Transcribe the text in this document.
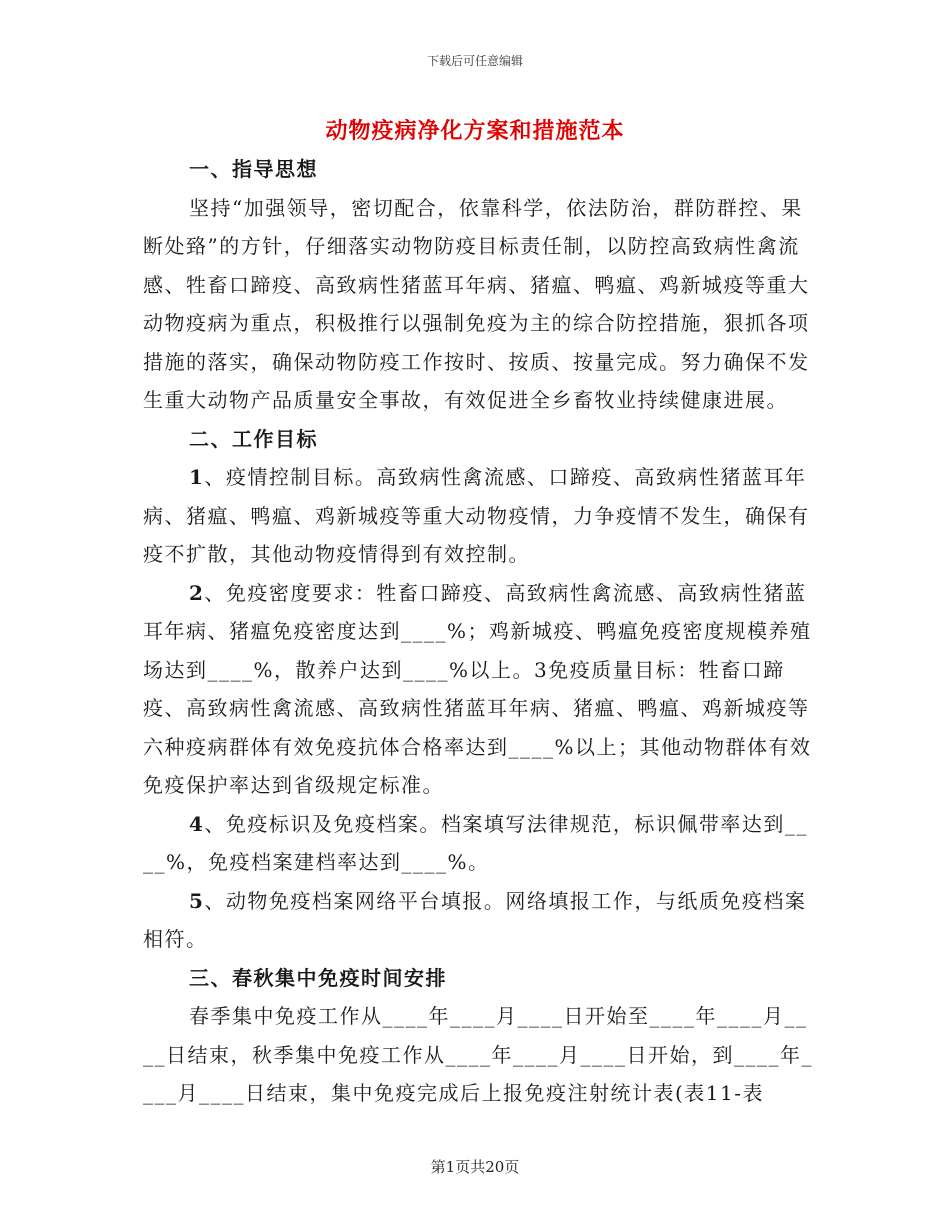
下载后可任意编辑
动物疫病净化方案和措施范本

一、指导思想

坚持“加强领导，密切配合，依靠科学，依法防治，群防群控、果断处臵”的方针，仔细落实动物防疫目标责任制，以防控高致病性禽流感、牲畜口蹄疫、高致病性猪蓝耳年病、猪瘟、鸭瘟、鸡新城疫等重大动物疫病为重点，积极推行以强制免疫为主的综合防控措施，狠抓各项措施的落实，确保动物防疫工作按时、按质、按量完成。努力确保不发生重大动物产品质量安全事故，有效促进全乡畜牧业持续健康进展。

二、工作目标

1、疫情控制目标。高致病性禽流感、口蹄疫、高致病性猪蓝耳年病、猪瘟、鸭瘟、鸡新城疫等重大动物疫情，力争疫情不发生，确保有疫不扩散，其他动物疫情得到有效控制。

2、免疫密度要求：牲畜口蹄疫、高致病性禽流感、高致病性猪蓝耳年病、猪瘟免疫密度达到____%；鸡新城疫、鸭瘟免疫密度规模养殖场达到____%，散养户达到____%以上。3免疫质量目标：牲畜口蹄疫、高致病性禽流感、高致病性猪蓝耳年病、猪瘟、鸭瘟、鸡新城疫等六种疫病群体有效免疫抗体合格率达到____%以上；其他动物群体有效免疫保护率达到省级规定标准。

4、免疫标识及免疫档案。档案填写法律规范，标识佩带率达到____%，免疫档案建档率达到____%。

5、动物免疫档案网络平台填报。网络填报工作，与纸质免疫档案相符。

三、春秋集中免疫时间安排

春季集中免疫工作从____年____月____日开始至____年____月____日结束，秋季集中免疫工作从____年____月____日开始，到____年____月____日结束，集中免疫完成后上报免疫注射统计表(表11-表

第1页共20页
